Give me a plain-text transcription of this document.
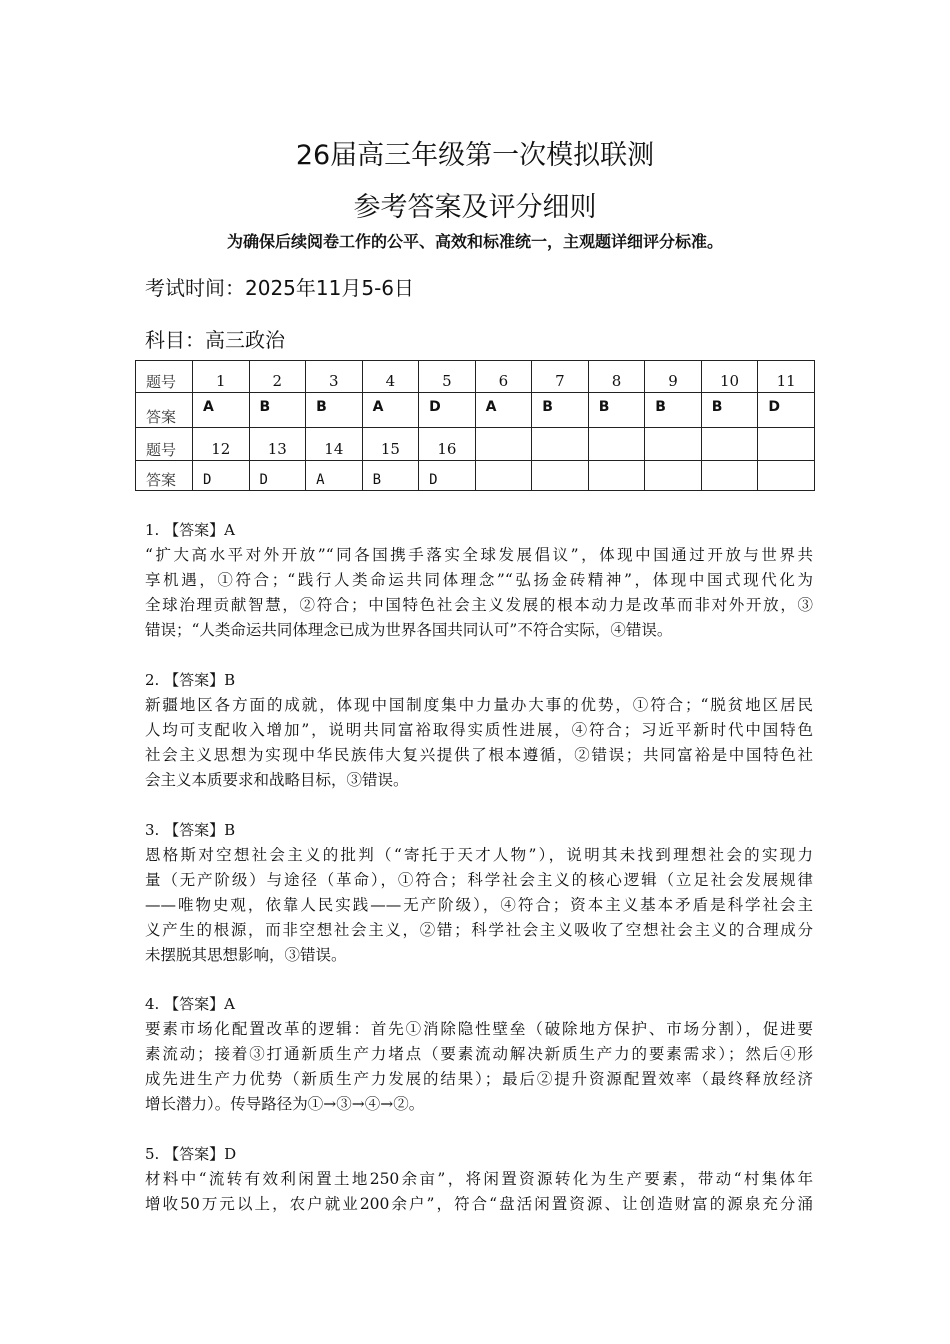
26届高三年级第一次模拟联测
参考答案及评分细则
为确保后续阅卷工作的公平、高效和标准统一，主观题详细评分标准。
考试时间：2025年11月5-6日
科目：高三政治
题号	1	2	3	4	5	6	7	8	9	10	11
答案	A	B	B	A	D	A	B	B	B	B	D
题号	12	13	14	15	16						
答案	D	D	A	B	D						
1. 【答案】A
“扩大高水平对外开放”“同各国携手落实全球发展倡议”，体现中国通过开放与世界共
享机遇，①符合；“践行人类命运共同体理念”“弘扬金砖精神”，体现中国式现代化为
全球治理贡献智慧，②符合；中国特色社会主义发展的根本动力是改革而非对外开放，③
错误；“人类命运共同体理念已成为世界各国共同认可”不符合实际，④错误。
2. 【答案】B
新疆地区各方面的成就，体现中国制度集中力量办大事的优势，①符合；“脱贫地区居民
人均可支配收入增加”，说明共同富裕取得实质性进展，④符合；习近平新时代中国特色
社会主义思想为实现中华民族伟大复兴提供了根本遵循，②错误；共同富裕是中国特色社
会主义本质要求和战略目标，③错误。
3. 【答案】B
恩格斯对空想社会主义的批判（“寄托于天才人物”），说明其未找到理想社会的实现力
量（无产阶级）与途径（革命），①符合；科学社会主义的核心逻辑（立足社会发展规律
——唯物史观，依靠人民实践——无产阶级），④符合；资本主义基本矛盾是科学社会主
义产生的根源，而非空想社会主义，②错；科学社会主义吸收了空想社会主义的合理成分
未摆脱其思想影响，③错误。
4. 【答案】A
要素市场化配置改革的逻辑：首先①消除隐性壁垒（破除地方保护、市场分割），促进要
素流动；接着③打通新质生产力堵点（要素流动解决新质生产力的要素需求）；然后④形
成先进生产力优势（新质生产力发展的结果）；最后②提升资源配置效率（最终释放经济
增长潜力）。传导路径为①→③→④→②。
5. 【答案】D
材料中“流转有效利闲置土地250余亩”，将闲置资源转化为生产要素，带动“村集体年
增收50万元以上，农户就业200余户”，符合“盘活闲置资源、让创造财富的源泉充分涌
